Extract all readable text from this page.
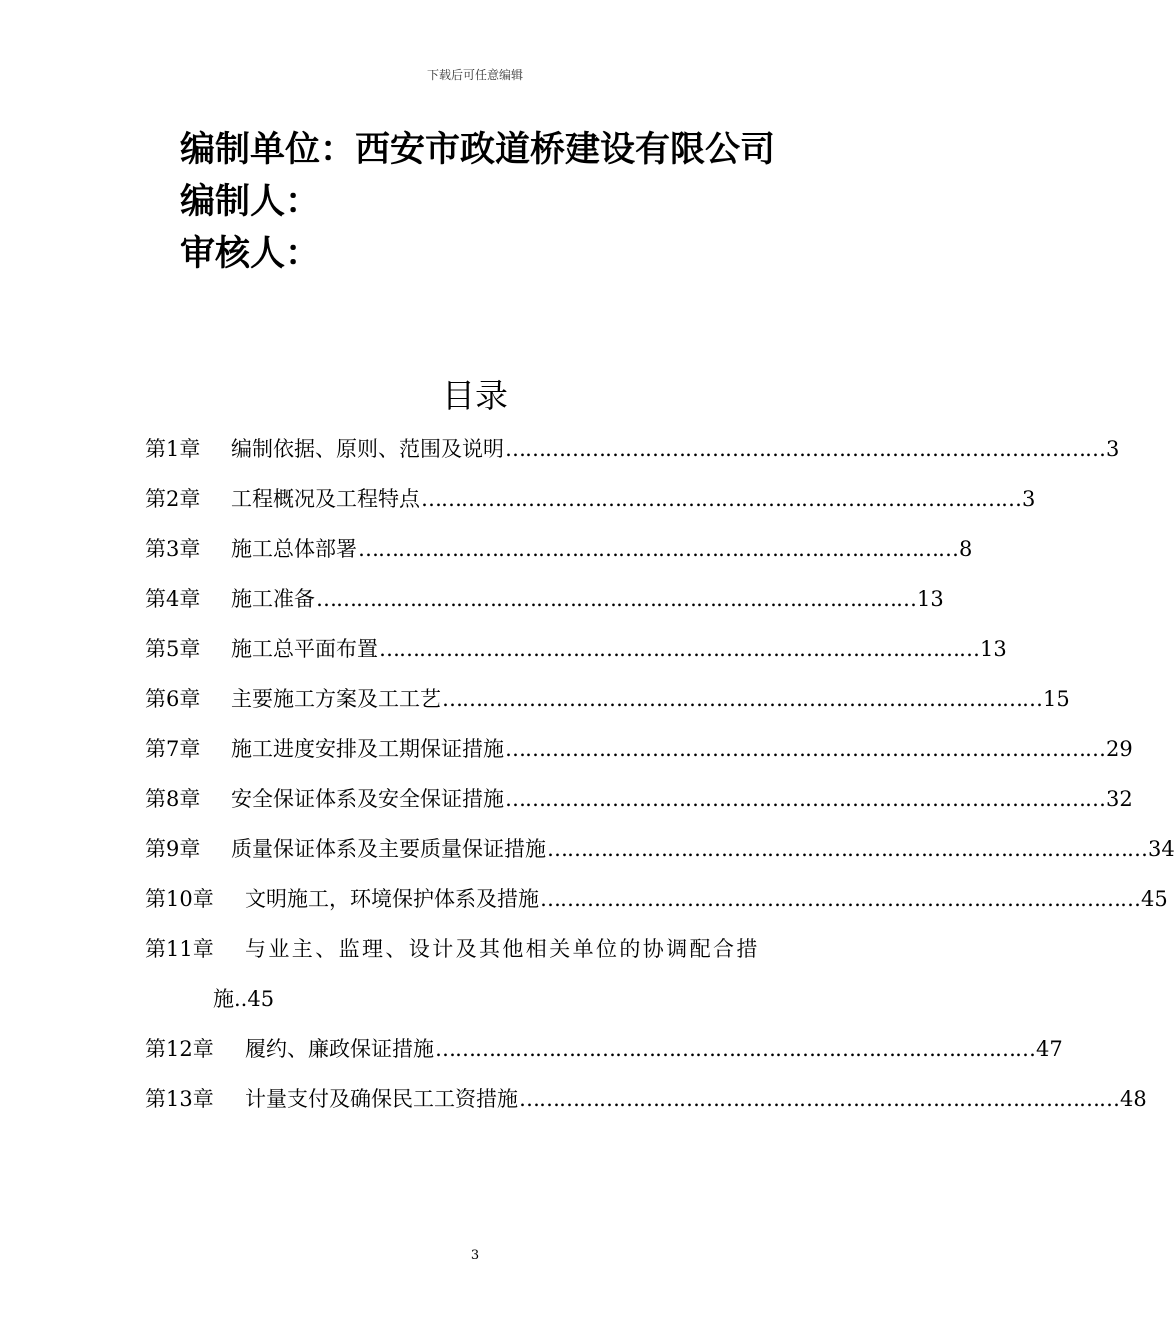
下载后可任意编辑
编制单位：西安市政道桥建设有限公司
编制人：
审核人：
目录
第1章	编制依据、原则、范围及说明 ……………………………………………………………………………… 3
第2章	工程概况及工程特点 ……………………………………………………………………………… 3
第3章	施工总体部署 ……………………………………………………………………………… 8
第4章	施工准备 ……………………………………………………………………………… 13
第5章	施工总平面布置 ……………………………………………………………………………… 13
第6章	主要施工方案及工工艺 ……………………………………………………………………………… 15
第7章	施工进度安排及工期保证措施 ……………………………………………………………………………… 29
第8章	安全保证体系及安全保证措施 ……………………………………………………………………………… 32
第9章	质量保证体系及主要质量保证措施 ……………………………………………………………………………… 34
第10章	文明施工，环境保护体系及措施 ……………………………………………………………………………… 45
第11章	与业主、监理、设计及其他相关单位的协调配合措
施..45
第12章	履约、廉政保证措施 ……………………………………………………………………………… 47
第13章	计量支付及确保民工工资措施 ……………………………………………………………………………… 48
3
